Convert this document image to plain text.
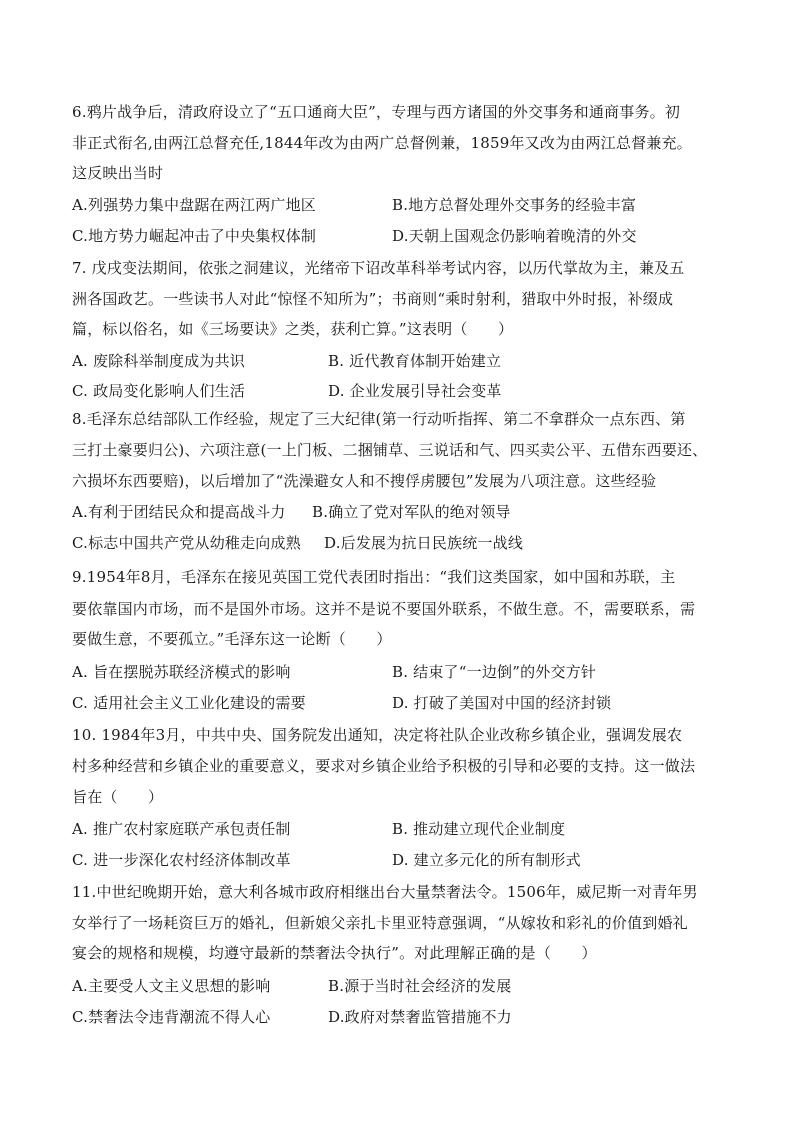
6.鸦片战争后，清政府设立了“五口通商大臣”，专理与西方诸国的外交事务和通商事务。初
非正式衔名,由两江总督充任,1844年改为由两广总督例兼，1859年又改为由两江总督兼充。
这反映出当时
A.列强势力集中盘踞在两江两广地区	B.地方总督处理外交事务的经验丰富
C.地方势力崛起冲击了中央集权体制	D.天朝上国观念仍影响着晚清的外交
7. 戊戌变法期间，依张之洞建议，光绪帝下诏改革科举考试内容，以历代掌故为主，兼及五
洲各国政艺。一些读书人对此“惊怪不知所为”；书商则“乘时射利，猎取中外时报，补缀成
篇，标以俗名，如《三场要诀》之类，获利亡算。”这表明（　　）
A. 废除科举制度成为共识	B. 近代教育体制开始建立
C. 政局变化影响人们生活	D. 企业发展引导社会变革
8.毛泽东总结部队工作经验，规定了三大纪律(第一行动听指挥、第二不拿群众一点东西、第
三打土豪要归公)、六项注意(一上门板、二捆铺草、三说话和气、四买卖公平、五借东西要还、
六损坏东西要赔)，以后增加了“洗澡避女人和不搜俘虏腰包”发展为八项注意。这些经验
A.有利于团结民众和提高战斗力 B.确立了党对军队的绝对领导
C.标志中国共产党从幼稚走向成熟 D.后发展为抗日民族统一战线
9.1954年8月，毛泽东在接见英国工党代表团时指出：“我们这类国家，如中国和苏联，主
要依靠国内市场，而不是国外市场。这并不是说不要国外联系，不做生意。不，需要联系，需
要做生意，不要孤立。”毛泽东这一论断（　　）
A. 旨在摆脱苏联经济模式的影响	B. 结束了“一边倒”的外交方针
C. 适用社会主义工业化建设的需要	D. 打破了美国对中国的经济封锁
10. 1984年3月，中共中央、国务院发出通知，决定将社队企业改称乡镇企业，强调发展农
村多种经营和乡镇企业的重要意义，要求对乡镇企业给予积极的引导和必要的支持。这一做法
旨在（　　）
A. 推广农村家庭联产承包责任制	B. 推动建立现代企业制度
C. 进一步深化农村经济体制改革	D. 建立多元化的所有制形式
11.中世纪晚期开始，意大利各城市政府相继出台大量禁奢法令。1506年，威尼斯一对青年男
女举行了一场耗资巨万的婚礼，但新娘父亲扎卡里亚特意强调，“从嫁妆和彩礼的价值到婚礼
宴会的规格和规模，均遵守最新的禁奢法令执行”。对此理解正确的是（　　）
A.主要受人文主义思想的影响	B.源于当时社会经济的发展
C.禁奢法令违背潮流不得人心	D.政府对禁奢监管措施不力
